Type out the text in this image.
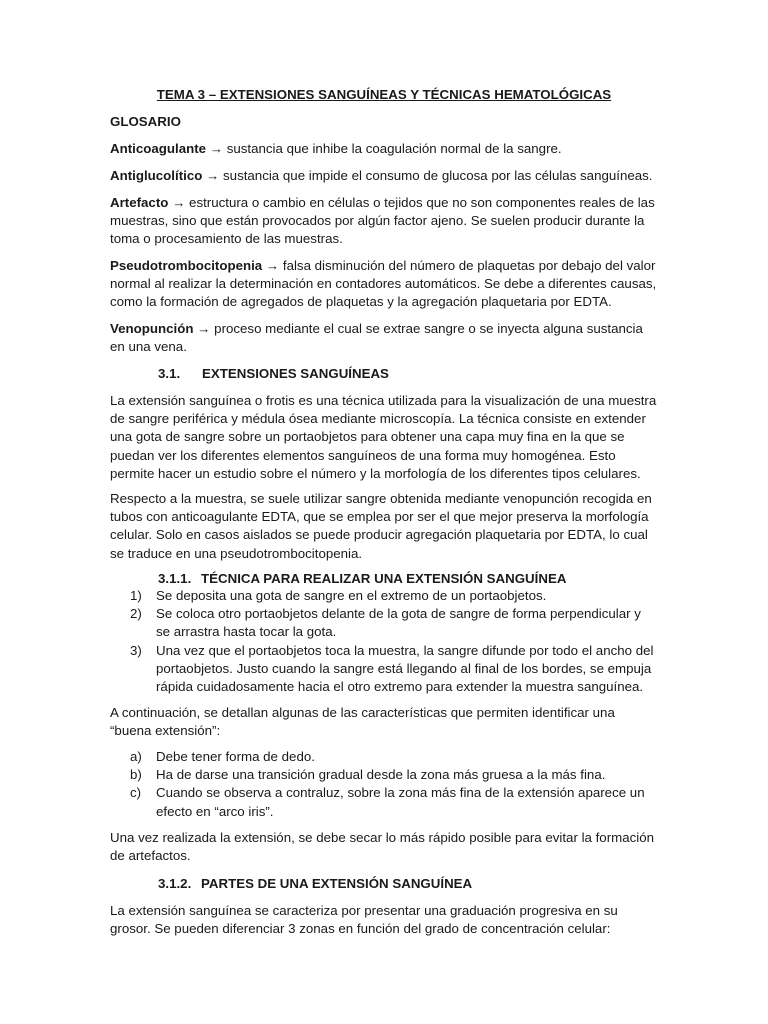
TEMA 3 – EXTENSIONES SANGUÍNEAS Y TÉCNICAS HEMATOLÓGICAS
GLOSARIO
Anticoagulante → sustancia que inhibe la coagulación normal de la sangre.
Antiglucolítico → sustancia que impide el consumo de glucosa por las células sanguíneas.
Artefacto → estructura o cambio en células o tejidos que no son componentes reales de las muestras, sino que están provocados por algún factor ajeno. Se suelen producir durante la toma o procesamiento de las muestras.
Pseudotrombocitopenia → falsa disminución del número de plaquetas por debajo del valor normal al realizar la determinación en contadores automáticos. Se debe a diferentes causas, como la formación de agregados de plaquetas y la agregación plaquetaria por EDTA.
Venopunción → proceso mediante el cual se extrae sangre o se inyecta alguna sustancia en una vena.
3.1. EXTENSIONES SANGUÍNEAS
La extensión sanguínea o frotis es una técnica utilizada para la visualización de una muestra de sangre periférica y médula ósea mediante microscopía. La técnica consiste en extender una gota de sangre sobre un portaobjetos para obtener una capa muy fina en la que se puedan ver los diferentes elementos sanguíneos de una forma muy homogénea. Esto permite hacer un estudio sobre el número y la morfología de los diferentes tipos celulares.
Respecto a la muestra, se suele utilizar sangre obtenida mediante venopunción recogida en tubos con anticoagulante EDTA, que se emplea por ser el que mejor preserva la morfología celular. Solo en casos aislados se puede producir agregación plaquetaria por EDTA, lo cual se traduce en una pseudotrombocitopenia.
3.1.1. TÉCNICA PARA REALIZAR UNA EXTENSIÓN SANGUÍNEA
1) Se deposita una gota de sangre en el extremo de un portaobjetos.
2) Se coloca otro portaobjetos delante de la gota de sangre de forma perpendicular y se arrastra hasta tocar la gota.
3) Una vez que el portaobjetos toca la muestra, la sangre difunde por todo el ancho del portaobjetos. Justo cuando la sangre está llegando al final de los bordes, se empuja rápida cuidadosamente hacia el otro extremo para extender la muestra sanguínea.
A continuación, se detallan algunas de las características que permiten identificar una “buena extensión”:
a) Debe tener forma de dedo.
b) Ha de darse una transición gradual desde la zona más gruesa a la más fina.
c) Cuando se observa a contraluz, sobre la zona más fina de la extensión aparece un efecto en “arco iris”.
Una vez realizada la extensión, se debe secar lo más rápido posible para evitar la formación de artefactos.
3.1.2. PARTES DE UNA EXTENSIÓN SANGUÍNEA
La extensión sanguínea se caracteriza por presentar una graduación progresiva en su grosor. Se pueden diferenciar 3 zonas en función del grado de concentración celular:
